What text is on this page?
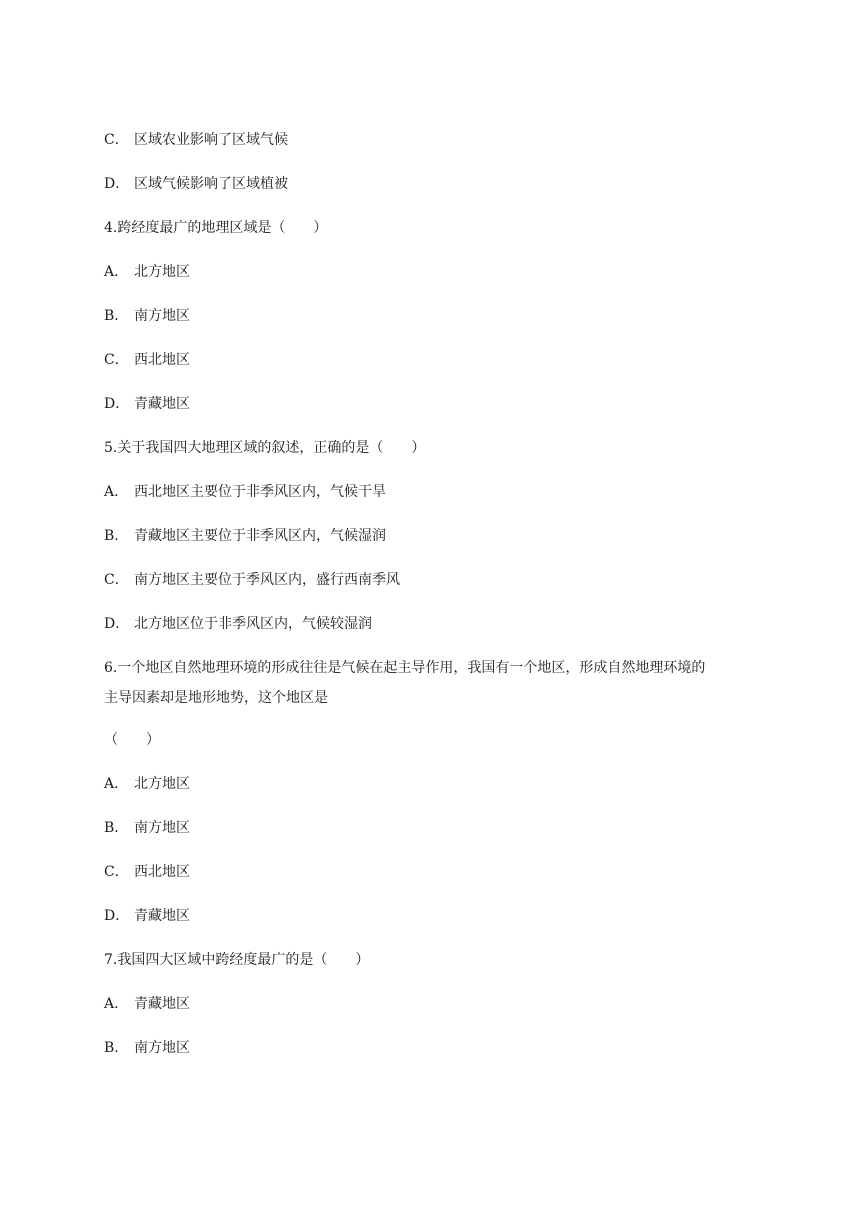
C． 区域农业影响了区域气候
D． 区域气候影响了区域植被
4.跨经度最广的地理区域是（　　）
A． 北方地区
B． 南方地区
C． 西北地区
D． 青藏地区
5.关于我国四大地理区域的叙述，正确的是（　　）
A． 西北地区主要位于非季风区内，气候干旱
B． 青藏地区主要位于非季风区内，气候湿润
C． 南方地区主要位于季风区内，盛行西南季风
D． 北方地区位于非季风区内，气候较湿润
6.一个地区自然地理环境的形成往往是气候在起主导作用，我国有一个地区，形成自然地理环境的
主导因素却是地形地势，这个地区是
（　　）
A． 北方地区
B． 南方地区
C． 西北地区
D． 青藏地区
7.我国四大区域中跨经度最广的是（　　）
A． 青藏地区
B． 南方地区
